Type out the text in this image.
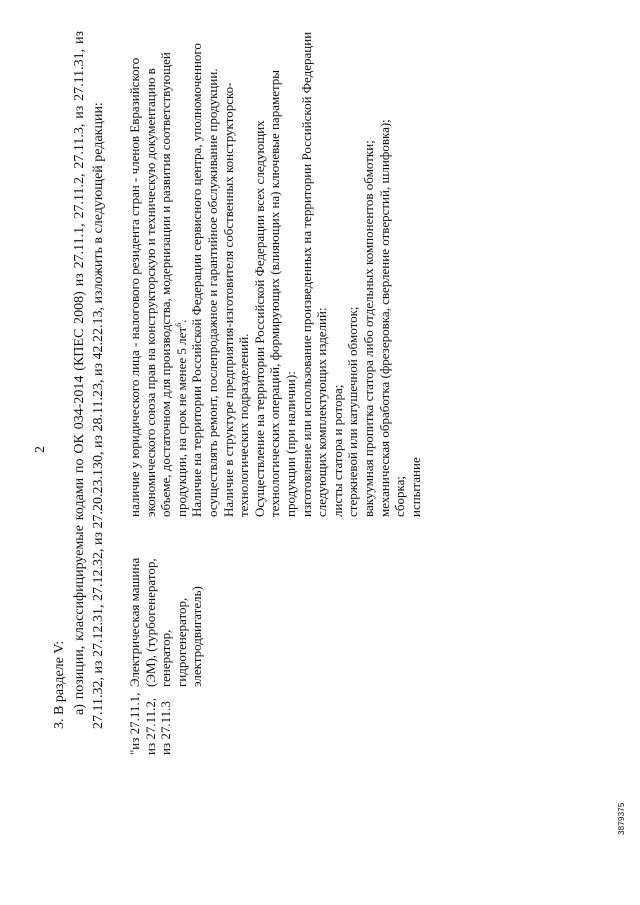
2
3. В разделе V: а) позиции, классифицируемые кодами по ОК 034-2014 (КПЕС 2008) из 27.11.1, 27.11.2, 27.11.3, из 27.11.31, из 27.11.32, из 27.12.31, 27.12.32, из 27.20.23.130, из 28.11.23, из 42.22.13, изложить в следующей редакции: "из 27.11.1, из 27.11.2, из 27.11.3
Электрическая машина (ЭМ), (турбогенератор, генератор, гидрогенератор, электродвигатель)

наличие у юридического лица - налогового резидента стран - членов Евразийского экономического союза прав на конструкторскую и техническую документацию в объеме, достаточном для производства, модернизации и развития соответствующей продукции, на срок не менее 5 лет$^6$. Наличие на территории Российской Федерации сервисного центра, уполномоченного осуществлять ремонт, послепродажное и гарантийное обслуживание продукции. Наличие в структуре предприятия-изготовителя собственных конструкторско-технологических подразделений. Осуществление на территории Российской Федерации всех следующих технологических операций, формирующих (влияющих на) ключевые параметры продукции (при наличии): изготовление или использование произведенных на территории Российской Федерации следующих комплектующих изделий: листы статора и ротора; стержневой или катушечной обмоток; вакуумная пропитка статора либо отдельных компонентов обмотки; механическая обработка (фрезеровка, сверление отверстий, шлифовка); сборка; испытание

3879375
